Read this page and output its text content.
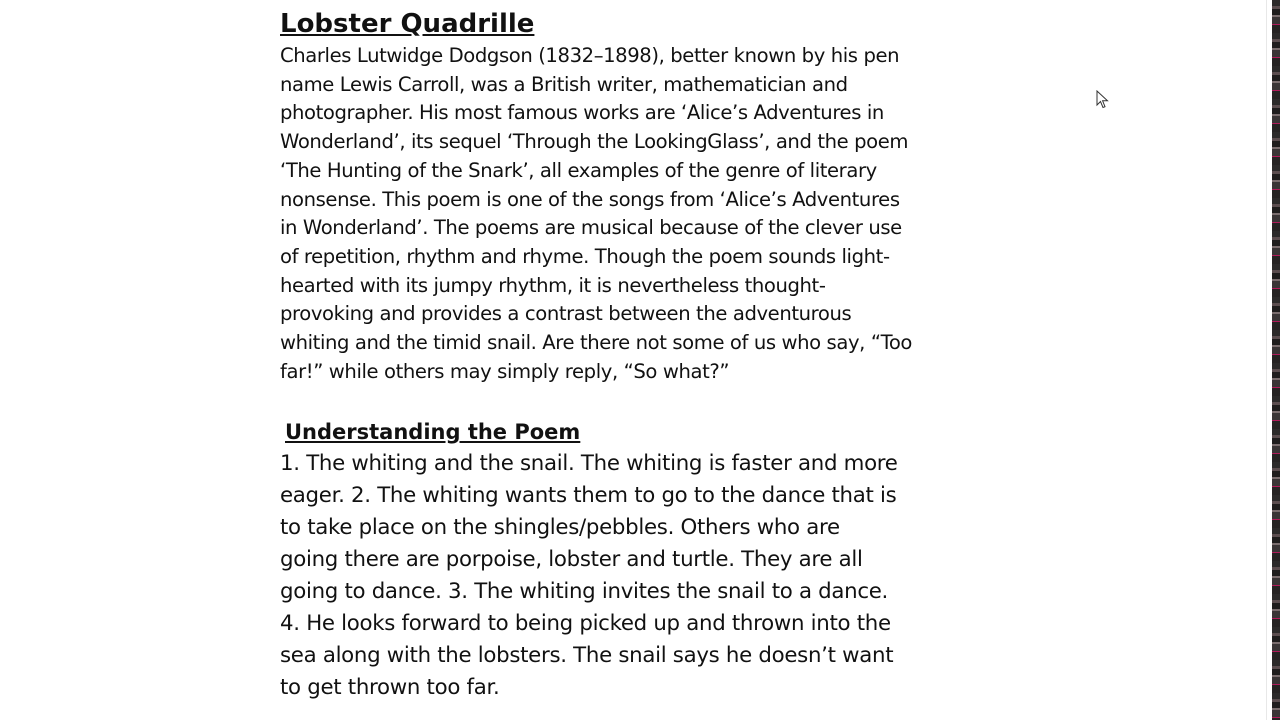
Lobster Quadrille

Charles Lutwidge Dodgson (1832–1898), better known by his pen name Lewis Carroll, was a British writer, mathematician and photographer. His most famous works are ‘Alice’s Adventures in Wonderland’, its sequel ‘Through the LookingGlass’, and the poem ‘The Hunting of the Snark’, all examples of the genre of literary nonsense. This poem is one of the songs from ‘Alice’s Adventures in Wonderland’. The poems are musical because of the clever use of repetition, rhythm and rhyme. Though the poem sounds light-hearted with its jumpy rhythm, it is nevertheless thought-provoking and provides a contrast between the adventurous whiting and the timid snail. Are there not some of us who say, “Too far!” while others may simply reply, “So what?”

Understanding the Poem

1. The whiting and the snail. The whiting is faster and more eager. 2. The whiting wants them to go to the dance that is to take place on the shingles/pebbles. Others who are going there are porpoise, lobster and turtle. They are all going to dance. 3. The whiting invites the snail to a dance. 4. He looks forward to being picked up and thrown into the sea along with the lobsters. The snail says he doesn’t want to get thrown too far.
